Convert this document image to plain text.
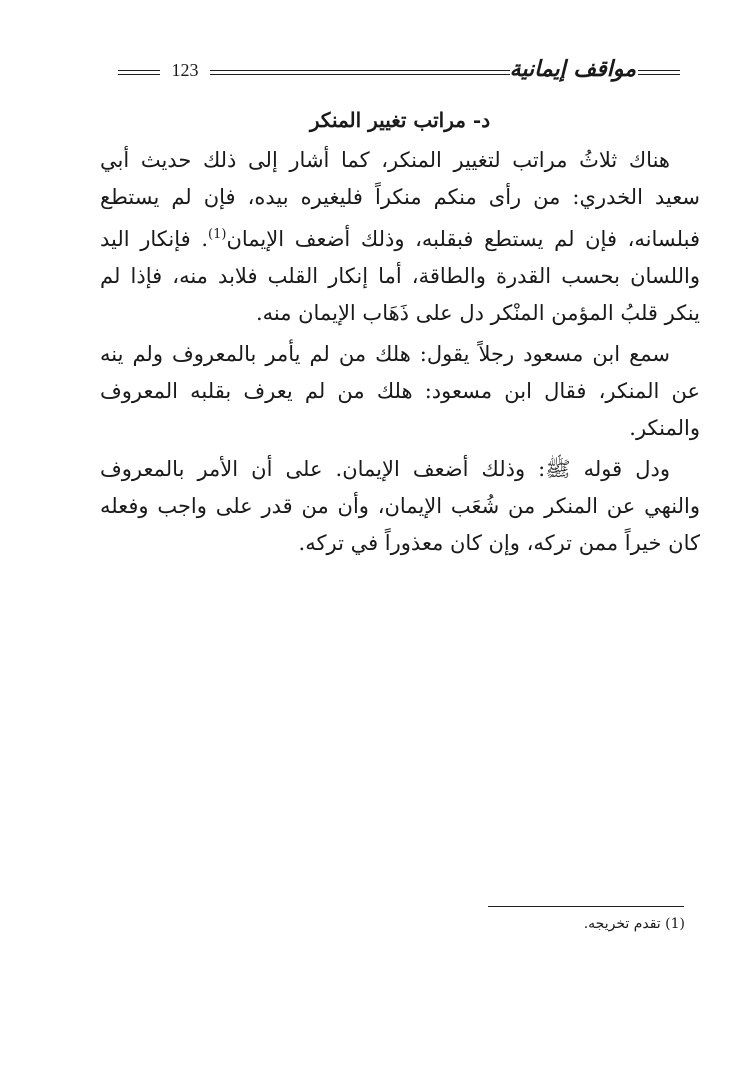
123	مواقف إيمانية
د- مراتب تغيير المنكر

هناك ثلاثُ مراتب لتغيير المنكر، كما أشار إلى ذلك حديث أبي سعيد الخدري: من رأى منكم منكراً فليغيره بيده، فإن لم يستطع فبلسانه، فإن لم يستطع فبقلبه، وذلك أضعف الإيمان$^{(1)}$. فإنكار اليد واللسان بحسب القدرة والطاقة، أما إنكار القلب فلابد منه، فإذا لم ينكر قلبُ المؤمن المنْكر دل على ذَهَاب الإيمان منه.

سمع ابن مسعود رجلاً يقول: هلك من لم يأمر بالمعروف ولم ينه عن المنكر، فقال ابن مسعود: هلك من لم يعرف بقلبه المعروف والمنكر.

ودل قوله ﷺ: وذلك أضعف الإيمان. على أن الأمر بالمعروف والنهي عن المنكر من شُعَب الإيمان، وأن من قدر على واجب وفعله كان خيراً ممن تركه، وإن كان معذوراً في تركه.

(1) تقدم تخريجه.
